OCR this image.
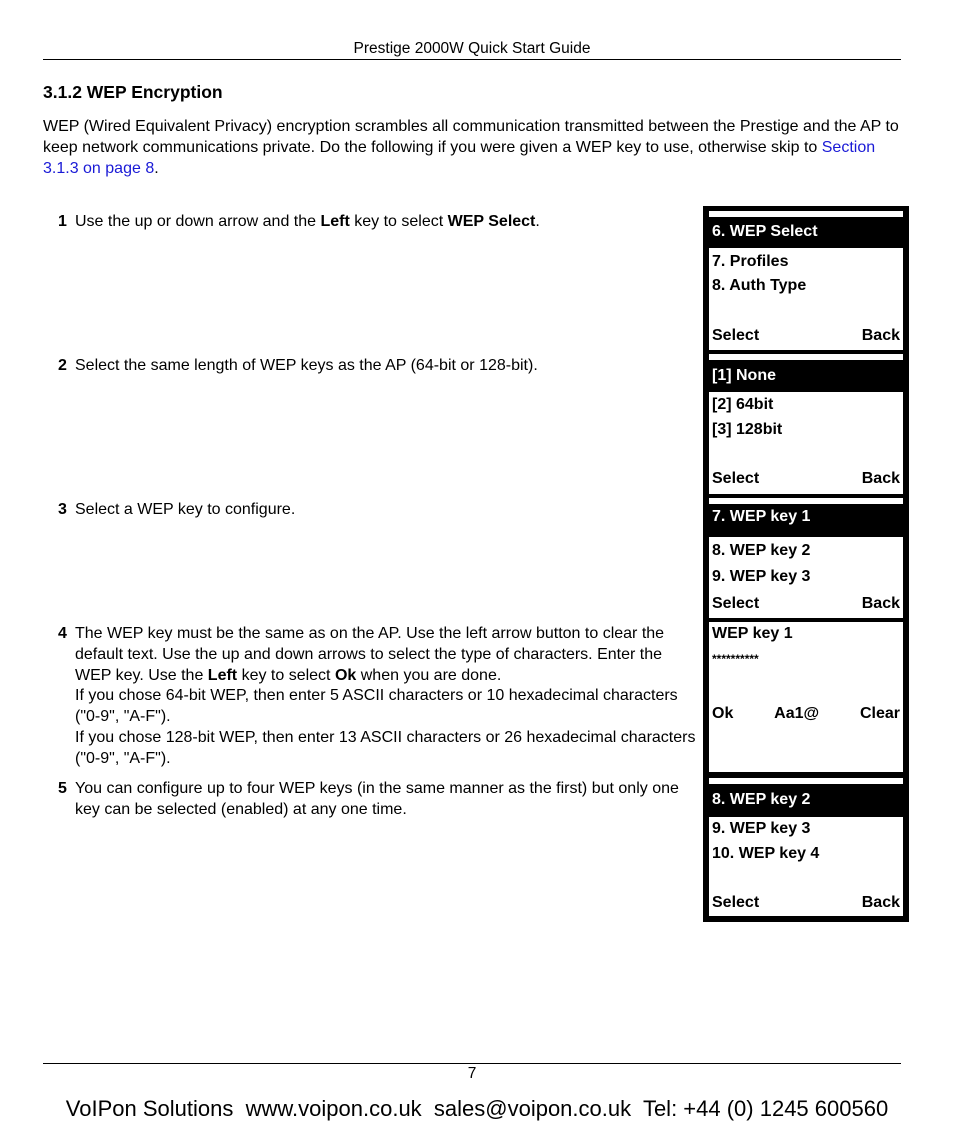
Prestige 2000W Quick Start Guide
3.1.2 WEP Encryption
WEP (Wired Equivalent Privacy) encryption scrambles all communication transmitted between the Prestige and the AP to keep network communications private. Do the following if you were given a WEP key to use, otherwise skip to Section 3.1.3 on page 8.
1 Use the up or down arrow and the Left key to select WEP Select.
2 Select the same length of WEP keys as the AP (64-bit or 128-bit).
3 Select a WEP key to configure.
4 The WEP key must be the same as on the AP. Use the left arrow button to clear the default text. Use the up and down arrows to select the type of characters. Enter the WEP key. Use the Left key to select Ok when you are done.
If you chose 64-bit WEP, then enter 5 ASCII characters or 10 hexadecimal characters ("0-9", "A-F").
If you chose 128-bit WEP, then enter 13 ASCII characters or 26 hexadecimal characters ("0-9", "A-F").
5 You can configure up to four WEP keys (in the same manner as the first) but only one key can be selected (enabled) at any one time.
6. WEP Select
7. Profiles
8. Auth Type
Select	Back
[1] None
[2] 64bit
[3] 128bit
Select	Back
7. WEP key 1
8. WEP key 2
9. WEP key 3
Select	Back
WEP key 1
**********
Ok	Aa1@	Clear
8. WEP key 2
9. WEP key 3
10. WEP key 4
Select	Back
7
VoIPon Solutions  www.voipon.co.uk  sales@voipon.co.uk  Tel: +44 (0) 1245 600560
